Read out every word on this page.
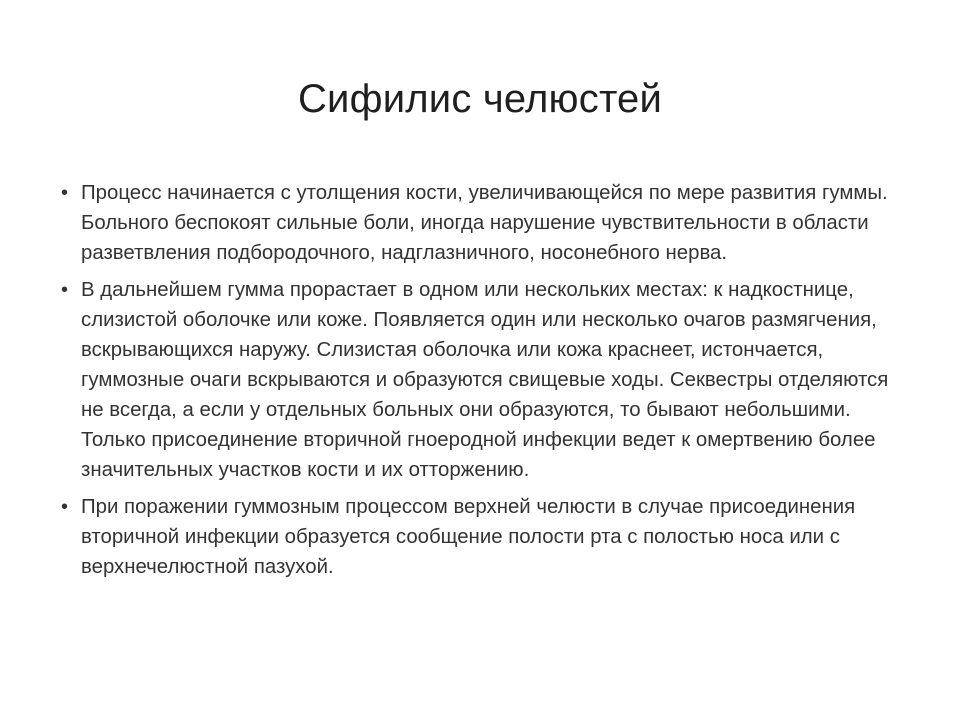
Сифилис челюстей
• Процесс начинается с утолщения кости, увеличивающейся по мере развития гуммы. Больного беспокоят сильные боли, иногда нарушение чувствительности в области разветвления подбородочного, надглазничного, носонебного нерва.
• В дальнейшем гумма прорастает в одном или нескольких местах: к надкостнице, слизистой оболочке или коже. Появляется один или несколько очагов размягчения, вскрывающихся наружу. Слизистая оболочка или кожа краснеет, истончается, гуммозные очаги вскрываются и образуются свищевые ходы. Секвестры отделяются не всегда, а если у отдельных больных они образуются, то бывают небольшими. Только присоединение вторичной гноеродной инфекции ведет к омертвению более значительных участков кости и их отторжению.
• При поражении гуммозным процессом верхней челюсти в случае присоединения вторичной инфекции образуется сообщение полости рта с полостью носа или с верхнечелюстной пазухой.
